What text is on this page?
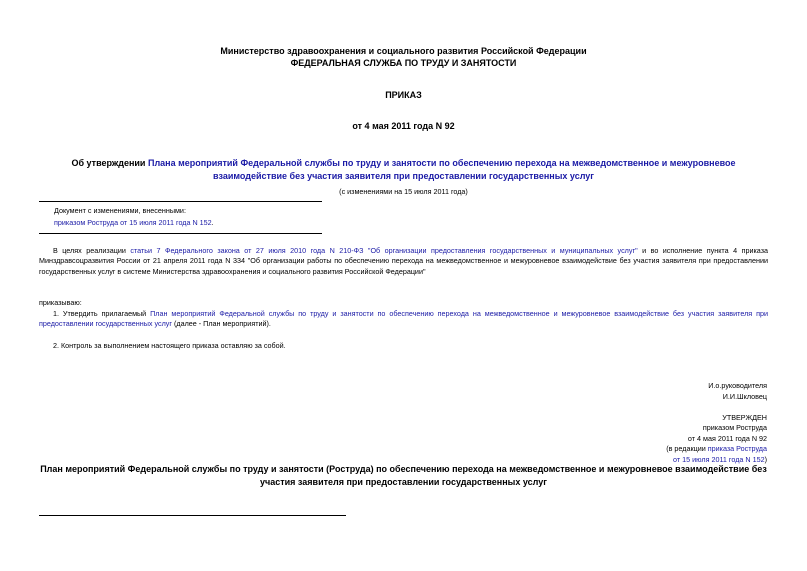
Министерство здравоохранения и социального развития Российской Федерации
ФЕДЕРАЛЬНАЯ СЛУЖБА ПО ТРУДУ И ЗАНЯТОСТИ
ПРИКАЗ
от 4 мая 2011 года N 92
Об утверждении Плана мероприятий Федеральной службы по труду и занятости по обеспечению перехода на межведомственное и межуровневое взаимодействие без участия заявителя при предоставлении государственных услуг
(с изменениями на 15 июля 2011 года)
Документ с изменениями, внесенными:
приказом Роструда от 15 июля 2011 года N 152.
В целях реализации статьи 7 Федерального закона от 27 июля 2010 года N 210-ФЗ "Об организации предоставления государственных и муниципальных услуг" и во исполнение пункта 4 приказа Минздравсоцразвития России от 21 апреля 2011 года N 334 "Об организации работы по обеспечению перехода на межведомственное и межуровневое взаимодействие без участия заявителя при предоставлении государственных услуг в системе Министерства здравоохранения и социального развития Российской Федерации"
приказываю:
1. Утвердить прилагаемый План мероприятий Федеральной службы по труду и занятости по обеспечению перехода на межведомственное и межуровневое взаимодействие без участия заявителя при предоставлении государственных услуг (далее - План мероприятий).
2. Контроль за выполнением настоящего приказа оставляю за собой.
И.о.руководителя
И.И.Шкловец
УТВЕРЖДЕН
приказом Роструда
от 4 мая 2011 года N 92
(в редакции приказа Роструда
от 15 июля 2011 года N 152)
План мероприятий Федеральной службы по труду и занятости (Роструда) по обеспечению перехода на межведомственное и межуровневое взаимодействие без участия заявителя при предоставлении государственных услуг
